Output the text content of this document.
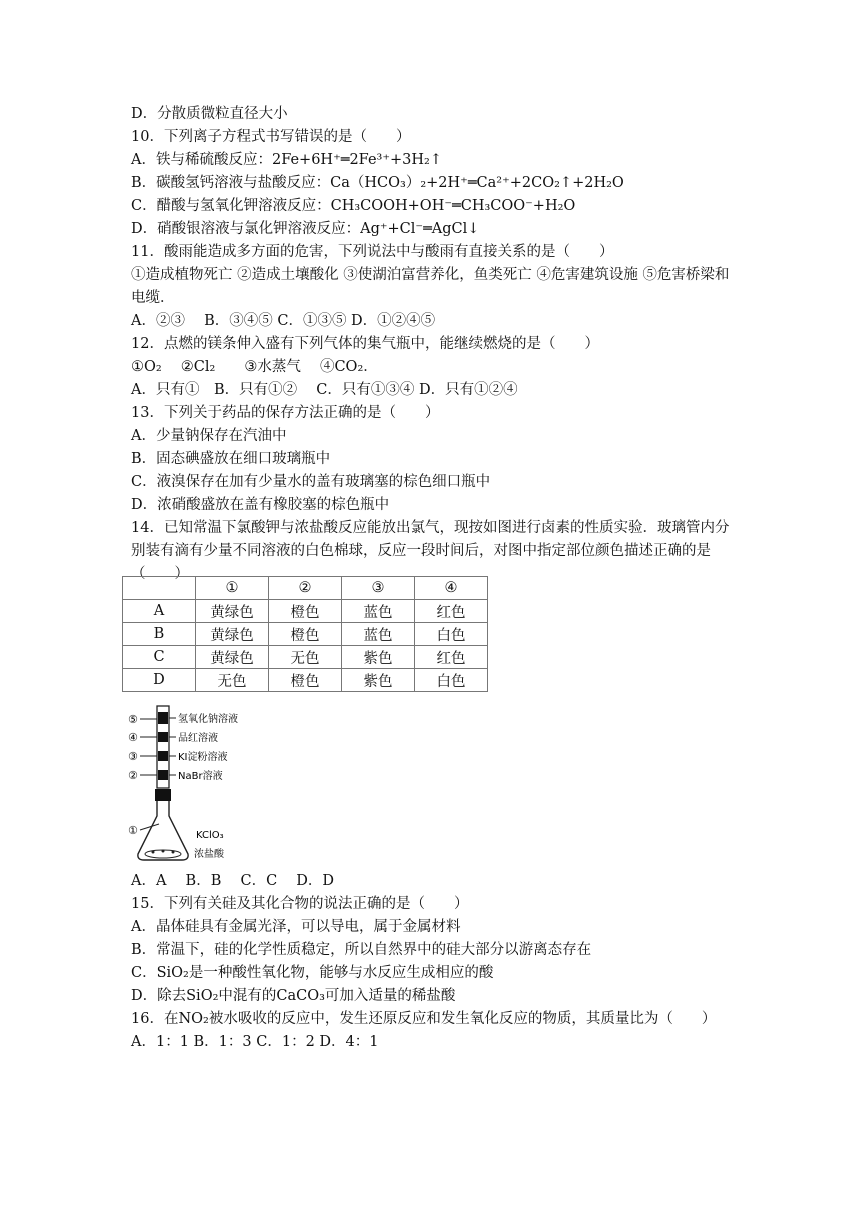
D．分散质微粒直径大小
10．下列离子方程式书写错误的是（　　）
A．铁与稀硫酸反应：2Fe+6H⁺═2Fe³⁺+3H₂↑
B．碳酸氢钙溶液与盐酸反应：Ca（HCO₃）₂+2H⁺═Ca²⁺+2CO₂↑+2H₂O
C．醋酸与氢氧化钾溶液反应：CH₃COOH+OH⁻═CH₃COO⁻+H₂O
D．硝酸银溶液与氯化钾溶液反应：Ag⁺+Cl⁻═AgCl↓
11．酸雨能造成多方面的危害，下列说法中与酸雨有直接关系的是（　　）
①造成植物死亡 ②造成土壤酸化 ③使湖泊富营养化，鱼类死亡 ④危害建筑设施 ⑤危害桥梁和电缆．
A．②③　 B．③④⑤ C．①③⑤ D．①②④⑤
12．点燃的镁条伸入盛有下列气体的集气瓶中，能继续燃烧的是（　　）
①O₂　 ②Cl₂　　③水蒸气　 ④CO₂．
A．只有①　B．只有①②　 C．只有①③④ D．只有①②④
13．下列关于药品的保存方法正确的是（　　）
A．少量钠保存在汽油中
B．固态碘盛放在细口玻璃瓶中
C．液溴保存在加有少量水的盖有玻璃塞的棕色细口瓶中
D．浓硝酸盛放在盖有橡胶塞的棕色瓶中
14．已知常温下氯酸钾与浓盐酸反应能放出氯气，现按如图进行卤素的性质实验．玻璃管内分别装有滴有少量不同溶液的白色棉球，反应一段时间后，对图中指定部位颜色描述正确的是（　　）
	①	②	③	④
A	黄绿色	橙色	蓝色	红色
B	黄绿色	橙色	蓝色	白色
C	黄绿色	无色	紫色	红色
D	无色	橙色	紫色	白色
⑤
④
③
②
①
氢氧化钠溶液
品红溶液
KI淀粉溶液
NaBr溶液
KClO₃
浓盐酸
A．A　 B．B　 C．C　 D．D
15．下列有关硅及其化合物的说法正确的是（　　）
A．晶体硅具有金属光泽，可以导电，属于金属材料
B．常温下，硅的化学性质稳定，所以自然界中的硅大部分以游离态存在
C．SiO₂是一种酸性氧化物，能够与水反应生成相应的酸
D．除去SiO₂中混有的CaCO₃可加入适量的稀盐酸
16．在NO₂被水吸收的反应中，发生还原反应和发生氧化反应的物质，其质量比为（　　）
A．1：1 B．1：3 C．1：2 D．4：1
